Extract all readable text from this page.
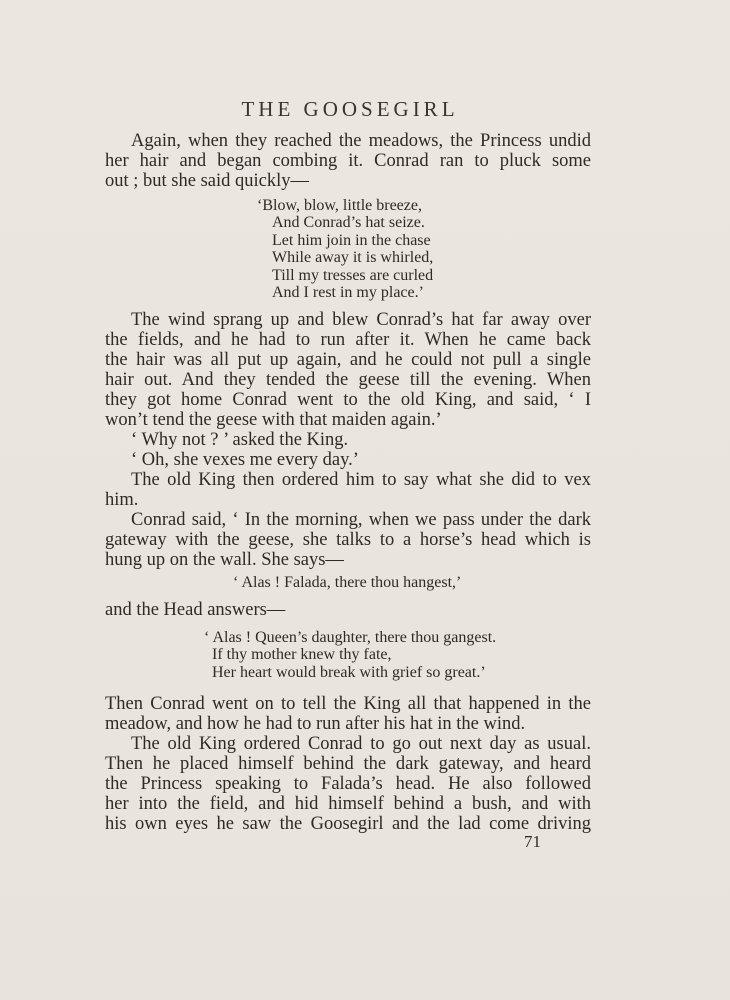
THE GOOSEGIRL
Again, when they reached the meadows, the Princess undid
her hair and began combing it. Conrad ran to pluck some
out ; but she said quickly—
‘Blow, blow, little breeze,
And Conrad’s hat seize.
Let him join in the chase
While away it is whirled,
Till my tresses are curled
And I rest in my place.’
The wind sprang up and blew Conrad’s hat far away over
the fields, and he had to run after it. When he came back
the hair was all put up again, and he could not pull a single
hair out. And they tended the geese till the evening. When
they got home Conrad went to the old King, and said, ‘ I
won’t tend the geese with that maiden again.’
‘ Why not ? ’ asked the King.
‘ Oh, she vexes me every day.’
The old King then ordered him to say what she did to vex
him.
Conrad said, ‘ In the morning, when we pass under the dark
gateway with the geese, she talks to a horse’s head which is
hung up on the wall. She says—
‘ Alas ! Falada, there thou hangest,’
and the Head answers—
‘ Alas ! Queen’s daughter, there thou gangest.
If thy mother knew thy fate,
Her heart would break with grief so great.’
Then Conrad went on to tell the King all that happened in the
meadow, and how he had to run after his hat in the wind.
The old King ordered Conrad to go out next day as usual.
Then he placed himself behind the dark gateway, and heard
the Princess speaking to Falada’s head. He also followed
her into the field, and hid himself behind a bush, and with
his own eyes he saw the Goosegirl and the lad come driving
71
